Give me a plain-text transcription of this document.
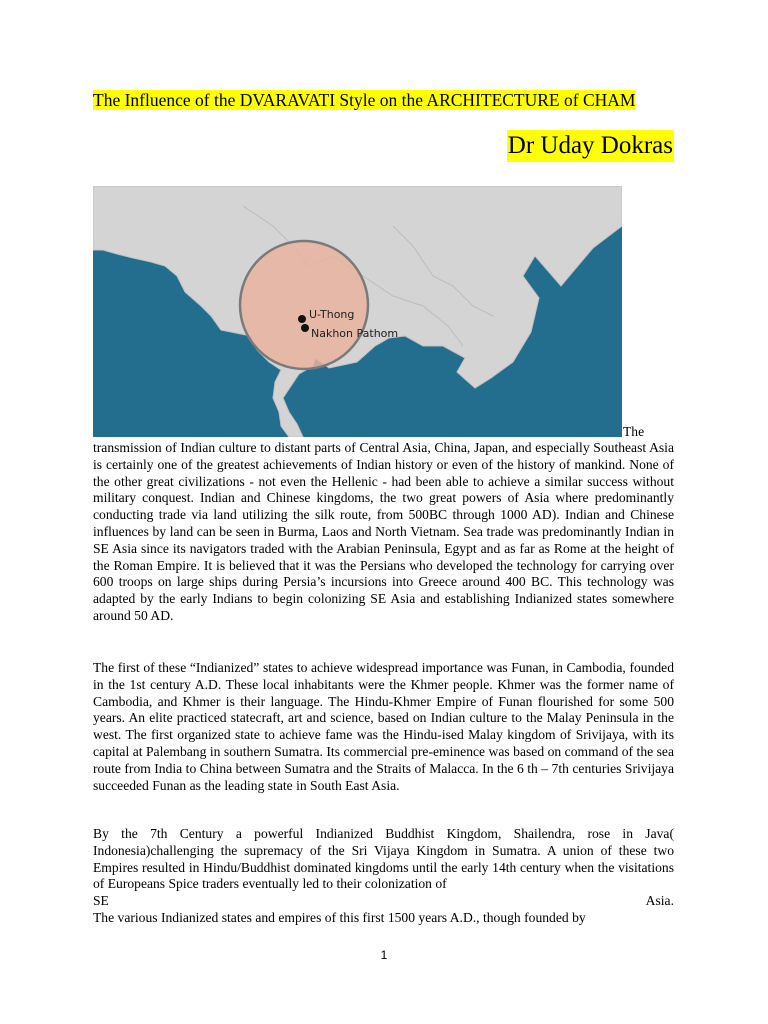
The Influence of the DVARAVATI Style on the ARCHITECTURE of CHAM
Dr Uday Dokras
U-Thong
Nakhon Pathom
The

transmission of Indian culture to distant parts of Central Asia, China, Japan, and especially Southeast Asia is certainly one of the greatest achievements of Indian history or even of the history of mankind. None of the other great civilizations - not even the Hellenic - had been able to achieve a similar success without military conquest. Indian and Chinese kingdoms, the two great powers of Asia where predominantly conducting trade via land utilizing the silk route, from 500BC through 1000 AD). Indian and Chinese influences by land can be seen in Burma, Laos and North Vietnam. Sea trade was predominantly Indian in SE Asia since its navigators traded with the Arabian Peninsula, Egypt and as far as Rome at the height of the Roman Empire. It is believed that it was the Persians who developed the technology for carrying over 600 troops on large ships during Persia’s incursions into Greece around 400 BC. This technology was adapted by the early Indians to begin colonizing SE Asia and establishing Indianized states somewhere around 50 AD.

The first of these “Indianized” states to achieve widespread importance was Funan, in Cambodia, founded in the 1st century A.D. These local inhabitants were the Khmer people. Khmer was the former name of Cambodia, and Khmer is their language. The Hindu-Khmer Empire of Funan flourished for some 500 years. An elite practiced statecraft, art and science, based on Indian culture to the Malay Peninsula in the west. The first organized state to achieve fame was the Hindu-ised Malay kingdom of Srivijaya, with its capital at Palembang in southern Sumatra. Its commercial pre-eminence was based on command of the sea route from India to China between Sumatra and the Straits of Malacca. In the 6 th – 7th centuries Srivijaya succeeded Funan as the leading state in South East Asia.

By the 7th Century a powerful Indianized Buddhist Kingdom, Shailendra, rose in Java( Indonesia)challenging the supremacy of the Sri Vijaya Kingdom in Sumatra. A union of these two Empires resulted in Hindu/Buddhist dominated kingdoms until the early 14th century when the visitations of Europeans Spice traders eventually led to their colonization of
SE	Asia.
The various Indianized states and empires of this first 1500 years A.D., though founded by
1
